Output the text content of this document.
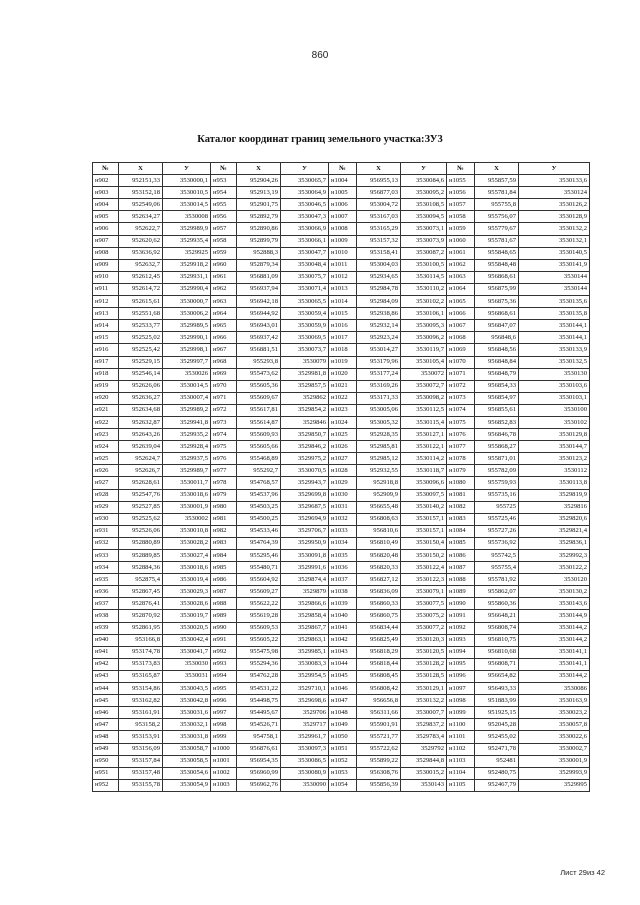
860
Каталог координат границ земельного участка:ЗУ3
№	X	У	№	X	У	№	X	У	№	X	У
н902	952151,33	3530000,1	н953	952904,26	3530065,7	н1004	956955,13	3530084,6	н1055	955857,59	3530133,6
н903	953152,18	3530010,5	н954	952913,19	3530064,9	н1005	956877,03	3530095,2	н1056	955781,84	3530124
н904	952549,06	3530014,5	н955	952901,75	3530046,5	н1006	953004,72	3530108,5	н1057	955755,8	3530126,2
н905	952634,27	3530008	н956	952892,79	3530047,3	н1007	953167,03	3530094,5	н1058	955756,07	3530128,9
н906	952622,7	3529989,9	н957	952890,86	3530066,9	н1008	953165,29	3530073,1	н1059	955779,67	3530132,2
н907	952620,62	3529935,4	н958	952899,79	3530066,1	н1009	953157,32	3530073,9	н1060	955781,67	3530132,1
н908	953636,92	3529925	н959	952888,3	3530047,7	н1010	953158,41	3530087,2	н1061	955848,65	3530140,5
н909	952632,7	3529918,2	н960	952879,34	3530048,4	н1011	953004,03	3530100,5	н1062	955848,48	3530141,9
н910	952612,45	3529931,1	н961	956881,09	3530075,7	н1012	952934,65	3530114,5	н1063	956868,61	3530144
н911	952614,72	3529990,4	н962	956937,94	3530071,4	н1013	952984,78	3530110,2	н1064	956875,99	3530144
н912	952615,61	3530000,7	н963	956942,18	3530065,5	н1014	952984,09	3530102,2	н1065	956875,36	3530135,6
н913	952551,68	3530006,2	н964	956944,92	3530059,4	н1015	952938,86	3530106,1	н1066	956868,61	3530135,8
н914	952533,77	3529989,5	н965	956943,01	3530059,9	н1016	952932,14	3530095,3	н1067	956847,07	3530144,1
н915	952525,02	3529990,1	н966	956937,42	3530069,5	н1017	952923,24	3530096,2	н1068	956848,6	3530144,1
н916	952525,42	3529998,1	н967	956881,51	3530073,7	н1018	953014,27	3530119,7	н1069	956848,56	3530133,9
н917	952529,15	3529997,7	н968	955293,8	3530079	н1019	953179,96	3530105,4	н1070	956848,84	3530132,5
н918	952546,14	3530026	н969	955473,62	3529981,8	н1020	953177,24	3530072	н1071	956848,79	3530130
н919	952626,06	3530014,5	н970	955605,36	3529857,5	н1021	953169,26	3530072,7	н1072	956854,33	3530103,6
н920	952636,27	3530007,4	н971	955609,67	3529862	н1022	953171,33	3530098,2	н1073	956854,97	3530103,1
н921	952634,68	3529989,2	н972	955617,81	3529854,2	н1023	953005,06	3530112,5	н1074	956855,61	3530100
н922	952632,87	3529941,8	н973	955614,87	3529846	н1024	953005,32	3530115,4	н1075	956852,83	3530102
н923	952643,26	3529935,2	н974	955609,93	3529850,7	н1025	952928,35	3530127,1	н1076	956846,78	3530129,8
н924	952639,04	3529928,4	н975	955605,66	3529846,2	н1026	952985,81	3530122,1	н1077	955868,27	3530144,7
н925	952624,7	3529937,5	н976	955468,89	3529975,2	н1027	952985,12	3530114,2	н1078	955871,01	3530123,2
н926	952626,7	3529989,7	н977	955292,7	3530070,5	н1028	952932,55	3530118,7	н1079	955782,09	3530112
н927	952628,61	3530011,7	н978	954768,57	3529943,7	н1029	952918,8	3530096,6	н1080	955759,93	3530113,8
н928	952547,76	3530018,6	н979	954537,96	3529699,8	н1030	952909,9	3530097,5	н1081	955735,16	3529819,9
н929	952527,85	3530001,9	н980	954503,25	3529687,5	н1031	956655,48	3530140,2	н1082	955725	3529816
н930	952525,62	3530002	н981	954500,25	3529694,9	н1032	956808,63	3530157,1	н1083	955725,46	3529820,6
н931	952526,06	3530010,8	н982	954533,46	3529706,7	н1033	956810,6	3530157,1	н1084	955727,26	3529821,4
н932	952880,89	3530028,2	н983	954764,39	3529950,9	н1034	956810,49	3530150,4	н1085	955736,92	3529836,1
н933	952889,85	3530027,4	н984	955295,46	3530091,8	н1035	956820,48	3530150,2	н1086	955742,5	3529992,3
н934	952884,36	3530018,6	н985	955480,71	3529991,6	н1036	956820,33	3530122,4	н1087	955755,4	3530122,2
н935	952875,4	3530019,4	н986	955604,92	3529874,4	н1037	956827,12	3530122,3	н1088	955781,92	3530120
н936	952867,45	3530029,3	н987	955609,27	3529879	н1038	956836,09	3530079,1	н1089	955862,07	3530130,2
н937	952876,41	3530028,6	н988	955622,22	3529866,6	н1039	956860,33	3530077,5	н1090	955860,36	3530143,6
н938	952870,92	3530019,7	н989	955619,28	3529858,4	н1040	956860,75	3530075,2	н1091	956648,21	3530144,9
н939	952861,95	3530020,5	н990	955609,53	3529867,7	н1041	956834,44	3530077,2	н1092	956808,74	3530144,2
н940	953166,8	3530042,4	н991	955605,22	3529863,1	н1042	956825,49	3530120,3	н1093	956810,75	3530144,2
н941	953174,78	3530041,7	н992	955475,98	3529985,1	н1043	956818,29	3530120,5	н1094	956810,68	3530141,1
н942	953173,83	3530030	н993	955294,36	3530083,3	н1044	956818,44	3530128,2	н1095	956808,71	3530141,1
н943	953165,87	3530031	н994	954762,28	3529954,5	н1045	956808,45	3530128,5	н1096	956654,82	3530144,2
н944	953154,86	3530043,5	н995	954531,22	3529710,1	н1046	956808,42	3530129,1	н1097	956493,33	3530086
н945	953162,82	3530042,8	н996	954498,75	3529698,6	н1047	956656,8	3530132,2	н1098	951883,99	3530163,9
н946	953161,91	3530031,6	н997	954495,67	3529706	н1048	956311,66	3530007,7	н1099	951925,15	3530023,2
н947	953158,2	3530032,1	н998	954526,71	3529717	н1049	955901,91	3529837,2	н1100	952045,28	3530057,8
н948	953153,91	3530031,8	н999	954758,1	3529961,7	н1050	955721,77	3529783,4	н1101	952455,02	3530022,6
н949	953156,09	3530058,7	н1000	956876,61	3530097,3	н1051	955722,62	3529792	н1102	952471,78	3530002,7
н950	953157,84	3530058,5	н1001	956954,35	3530086,5	н1052	955899,22	3529844,8	н1103	952481	3530001,9
н951	953157,48	3530054,6	н1002	956960,99	3530080,9	н1053	956308,76	3530015,2	н1104	952480,75	3529993,9
н952	953155,78	3530054,9	н1003	956962,76	3530090	н1054	955856,39	3530143	н1105	952467,79	3529995
Лист 29из 42
